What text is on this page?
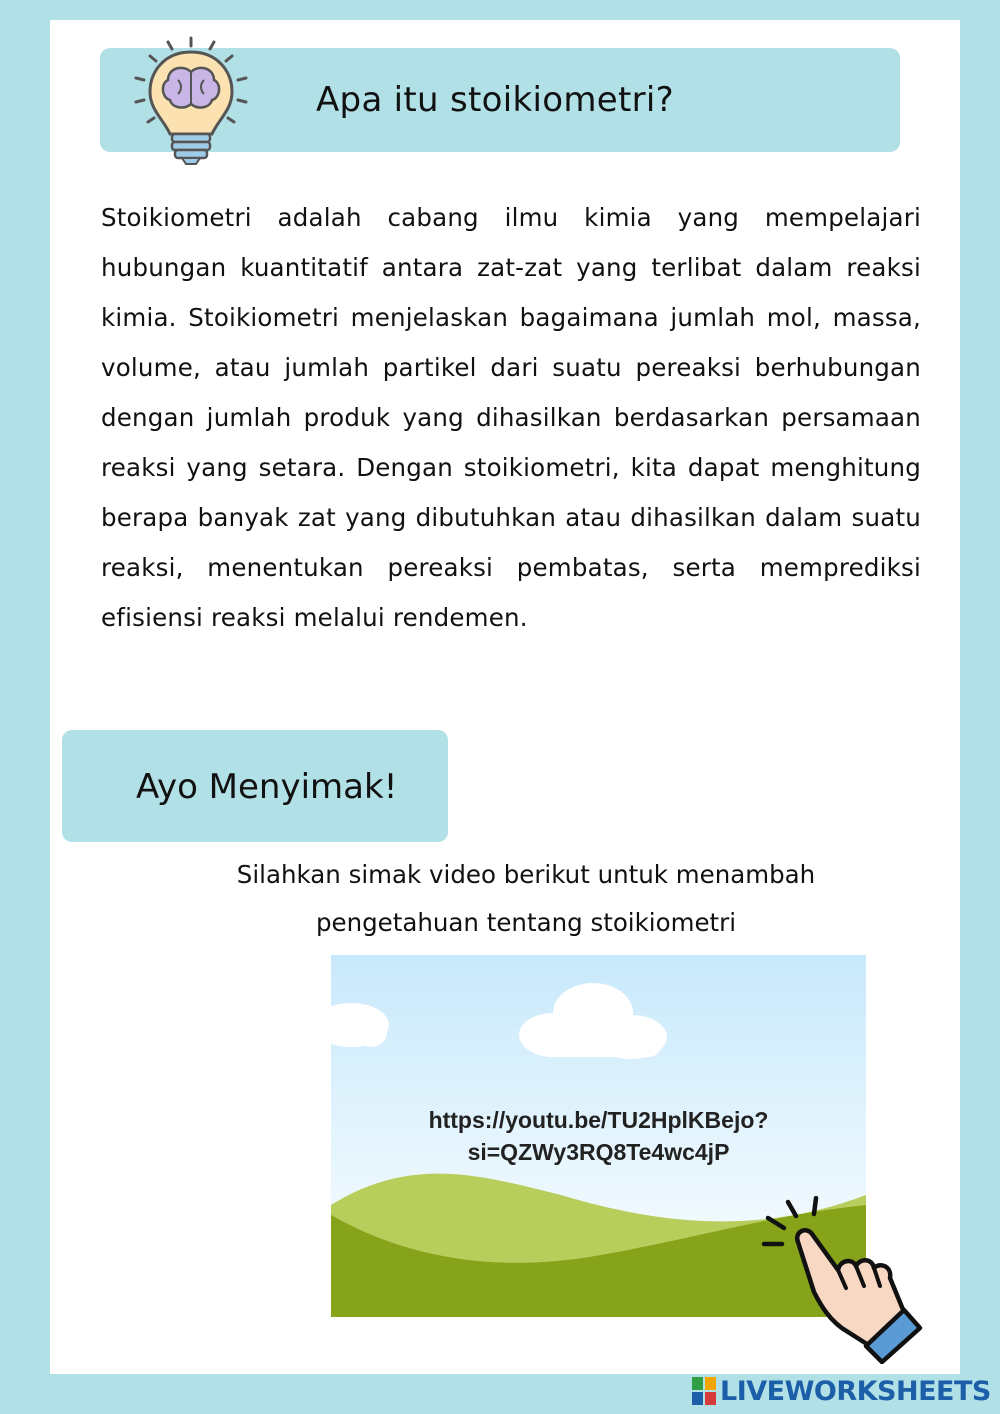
Apa itu stoikiometri?
Stoikiometri adalah cabang ilmu kimia yang mempelajari hubungan kuantitatif antara zat-zat yang terlibat dalam reaksi kimia. Stoikiometri menjelaskan bagaimana jumlah mol, massa, volume, atau jumlah partikel dari suatu pereaksi berhubungan dengan jumlah produk yang dihasilkan berdasarkan persamaan reaksi yang setara. Dengan stoikiometri, kita dapat menghitung berapa banyak zat yang dibutuhkan atau dihasilkan dalam suatu reaksi, menentukan pereaksi pembatas, serta memprediksi efisiensi reaksi melalui rendemen.
Ayo Menyimak!
Silahkan simak video berikut untuk menambah
pengetahuan tentang stoikiometri
https://youtu.be/TU2HplKBejo?
si=QZWy3RQ8Te4wc4jP
LIVEWORKSHEETS
